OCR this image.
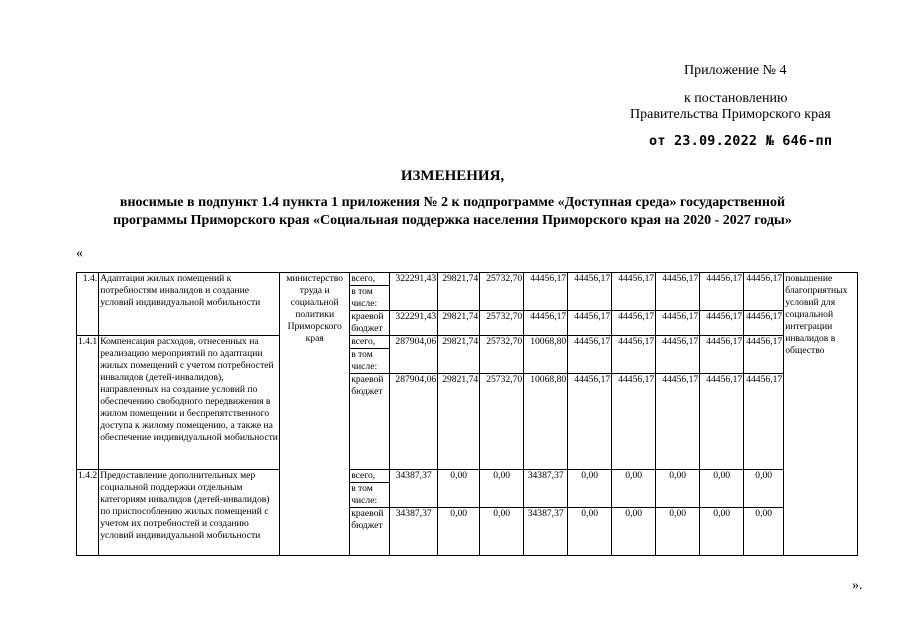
Приложение № 4
к постановлению
Правительства Приморского края
от 23.09.2022 № 646-пп
ИЗМЕНЕНИЯ,
вносимые в подпункт 1.4 пункта 1 приложения № 2 к подпрограмме «Доступная среда» государственной
программы Приморского края «Социальная поддержка населения Приморского края на 2020 - 2027 годы»
«
1.4.	Адаптация жилых помещений к потребностям инвалидов и создание условий индивидуальной мобильности	министерство труда и социальной политики Приморского края	всего,	322291,43	29821,74	25732,70	44456,17	44456,17	44456,17	44456,17	44456,17	44456,17	повышение благоприятных условий для социальной интеграции инвалидов в общество
			в том числе:										
			краевой бюджет	322291,43	29821,74	25732,70	44456,17	44456,17	44456,17	44456,17	44456,17	44456,17	
1.4.1	Компенсация расходов, отнесенных на реализацию мероприятий по адаптации жилых помещений с учетом потребностей инвалидов (детей-инвалидов), направленных на создание условий по обеспечению свободного передвижения в жилом помещении и беспрепятственного доступа к жилому помещению, а также на обеспечение индивидуальной мобильности		всего,	287904,06	29821,74	25732,70	10068,80	44456,17	44456,17	44456,17	44456,17	44456,17	
			в том числе:										
			краевой бюджет	287904,06	29821,74	25732,70	10068,80	44456,17	44456,17	44456,17	44456,17	44456,17	
1.4.2	Предоставление дополнительных мер социальной поддержки отдельным категориям инвалидов (детей-инвалидов) по приспособлению жилых помещений с учетом их потребностей и созданию условий индивидуальной мобильности		всего,	34387,37	0,00	0,00	34387,37	0,00	0,00	0,00	0,00	0,00	
			в том числе:										
			краевой бюджет	34387,37	0,00	0,00	34387,37	0,00	0,00	0,00	0,00	0,00	
».
